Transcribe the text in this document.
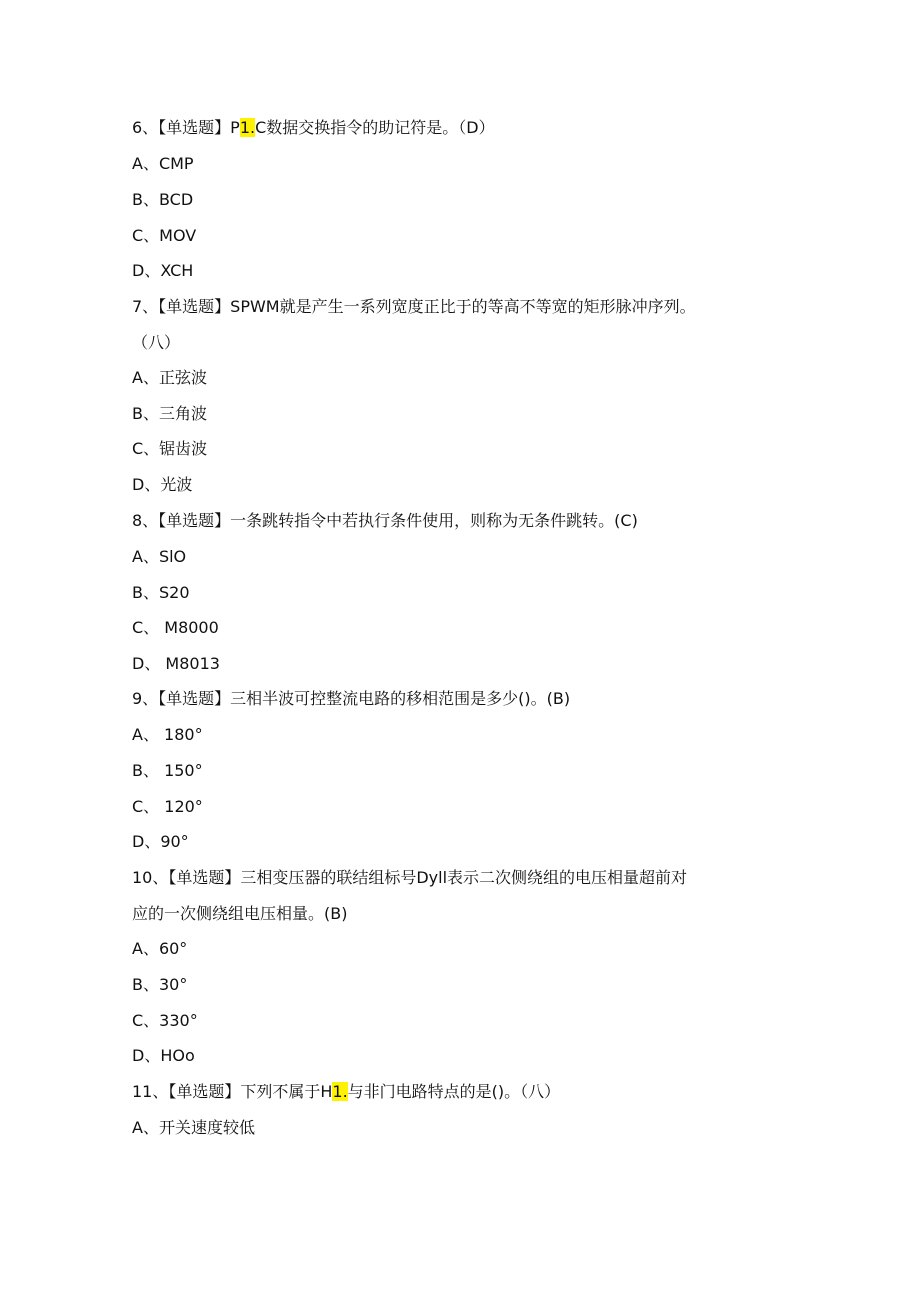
6、【单选题】P1.C数据交换指令的助记符是。（D）
A、CMP
B、BCD
C、MOV
D、XCH
7、【单选题】SPWM就是产生一系列宽度正比于的等高不等宽的矩形脉冲序列。
（八）
A、正弦波
B、三角波
C、锯齿波
D、光波
8、【单选题】一条跳转指令中若执行条件使用，则称为无条件跳转。(C)
A、SlO
B、S20
C、 M8000
D、 M8013
9、【单选题】三相半波可控整流电路的移相范围是多少()。(B)
A、 180°
B、 150°
C、 120°
D、90°
10、【单选题】三相变压器的联结组标号Dyll表示二次侧绕组的电压相量超前对
应的一次侧绕组电压相量。(B)
A、60°
B、30°
C、330°
D、HOo
11、【单选题】下列不属于H1.与非门电路特点的是()。（八）
A、开关速度较低
